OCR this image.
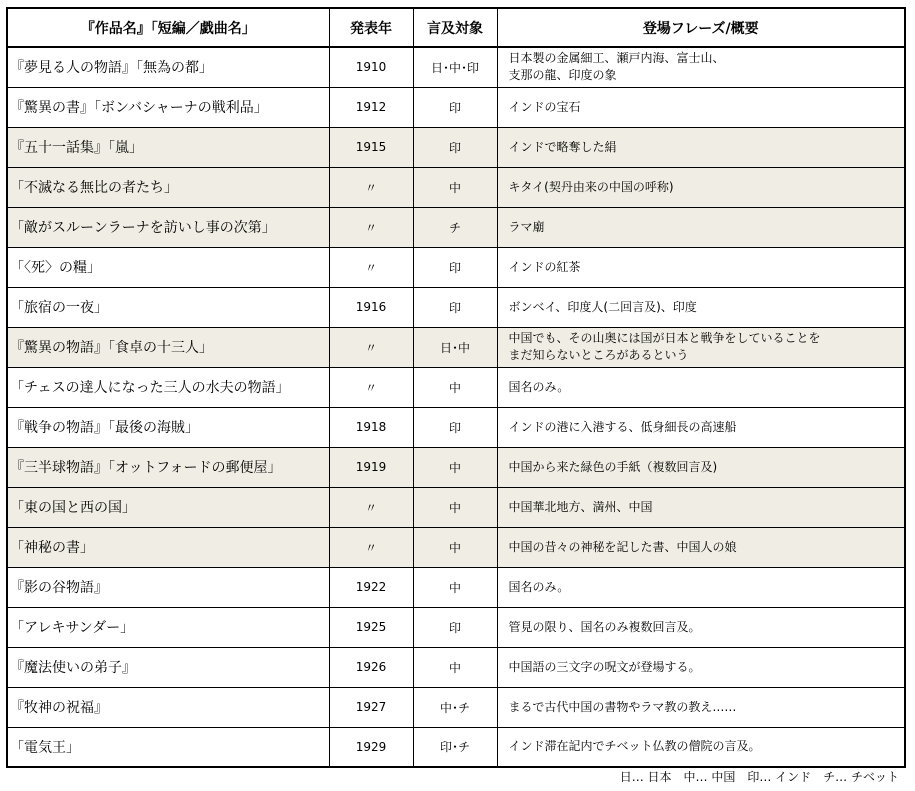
『作品名』「短編／戯曲名」	発表年	言及対象	登場フレーズ/概要
『夢見る人の物語』「無為の都」	1910	日･中･印	日本製の金属細工、瀬戸内海、富士山、
支那の龍、印度の象
『驚異の書』「ボンバシャーナの戦利品」	1912	印	インドの宝石
『五十一話集』「嵐」	1915	印	インドで略奪した絹
「不滅なる無比の者たち」	〃	中	キタイ(契丹由来の中国の呼称)
「敵がスルーンラーナを訪いし事の次第」	〃	チ	ラマ廟
「〈死〉の糧」	〃	印	インドの紅茶
「旅宿の一夜」	1916	印	ボンベイ、印度人(二回言及)、印度
『驚異の物語』「食卓の十三人」	〃	日･中	中国でも、その山奥には国が日本と戦争をしていることを
まだ知らないところがあるという
「チェスの達人になった三人の水夫の物語」	〃	中	国名のみ。
『戦争の物語』「最後の海賊」	1918	印	インドの港に入港する、低身細長の高速船
『三半球物語』「オットフォードの郵便屋」	1919	中	中国から来た緑色の手紙（複数回言及)
「東の国と西の国」	〃	中	中国華北地方、満州、中国
「神秘の書」	〃	中	中国の昔々の神秘を記した書、中国人の娘
『影の谷物語』	1922	中	国名のみ。
「アレキサンダー」	1925	印	管見の限り、国名のみ複数回言及。
『魔法使いの弟子』	1926	中	中国語の三文字の呪文が登場する。
『牧神の祝福』	1927	中･チ	まるで古代中国の書物やラマ教の教え……
「電気王」	1929	印･チ	インド滞在記内でチベット仏教の僧院の言及。
日… 日本　中… 中国　印… インド　チ… チベット
